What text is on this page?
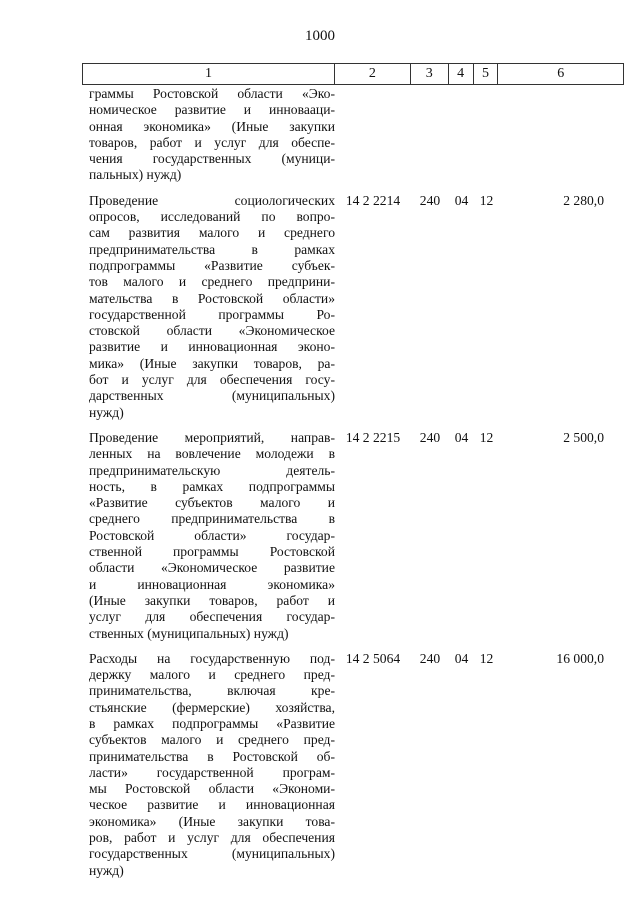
1000
1	2	3	4	5	6
граммы Ростовской области «Эко-
номическое развитие и инновааци-
онная экономика» (Иные закупки
товаров, работ и услуг для обеспе-
чения государственных (муници-
пальных) нужд)
Проведение социологических
опросов, исследований по вопро-
сам развития малого и среднего
предпринимательства в рамках
подпрограммы «Развитие субъек-
тов малого и среднего предприни-
мательства в Ростовской области»
государственной программы Ро-
стовской области «Экономическое
развитие и инновационная эконо-
мика» (Иные закупки товаров, ра-
бот и услуг для обеспечения госу-
дарственных (муниципальных)
нужд)
14 2 2214	240	04 12	2 280,0
Проведение мероприятий, направ-
ленных на вовлечение молодежи в
предпринимательскую деятель-
ность, в рамках подпрограммы
«Развитие субъектов малого и
среднего предпринимательства в
Ростовской области» государ-
ственной программы Ростовской
области «Экономическое развитие
и инновационная экономика»
(Иные закупки товаров, работ и
услуг для обеспечения государ-
ственных (муниципальных) нужд)
14 2 2215	240	04 12	2 500,0
Расходы на государственную под-
держку малого и среднего пред-
принимательства, включая кре-
стьянские (фермерские) хозяйства,
в рамках подпрограммы «Развитие
субъектов малого и среднего пред-
принимательства в Ростовской об-
ласти» государственной програм-
мы Ростовской области «Экономи-
ческое развитие и инновационная
экономика» (Иные закупки това-
ров, работ и услуг для обеспечения
государственных (муниципальных)
нужд)
14 2 5064	240	04 12	16 000,0
